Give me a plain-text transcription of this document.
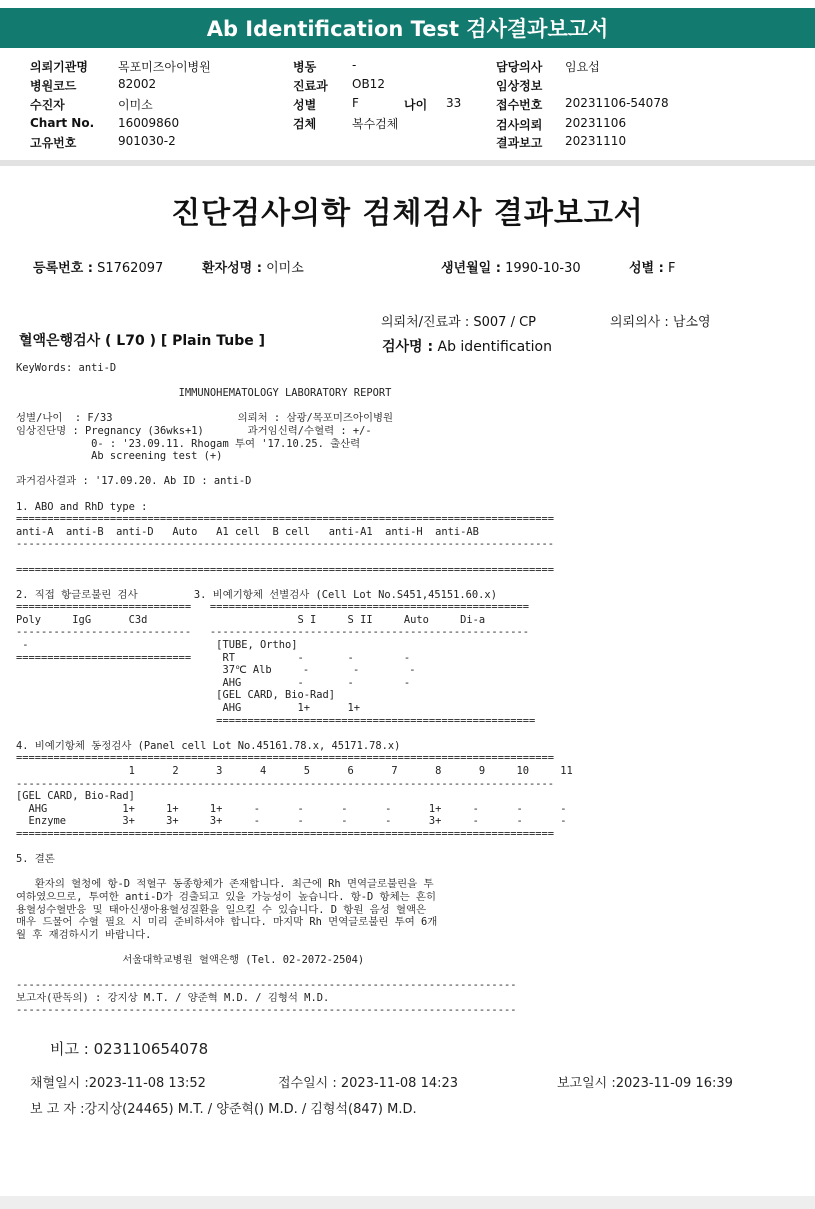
Ab Identification Test 검사결과보고서
의뢰기관명	목포미즈아이병원
병원코드	82002
수진자	이미소
Chart No. 16009860
고유번호	901030-2
병동	-
진료과 OB12
성별	F	나이 33
검체	복수검체
담당의사 임요섭
임상정보
접수번호 20231106-54078
검사의뢰 20231106
결과보고 20231110
진단검사의학 검체검사 결과보고서
등록번호 : S1762097	환자성명 : 이미소	생년월일 : 1990-10-30	성별 : F
의뢰처/진료과 : S007 / CP	의뢰의사 : 남소영
혈액은행검사 ( L70 ) [ Plain Tube ]	검사명 : Ab identification
KeyWords: anti-D

IMMUNOHEMATOLOGY LABORATORY REPORT

성별/나이  : F/33                    의뢰처 : 삼광/목포미즈아이병원
임상진단명 : Pregnancy (36wks+1)       과거임신력/수혈력 : +/-
0- : '23.09.11. Rhogam 투여 '17.10.25. 출산력
Ab screening test (+)

과거검사결과 : '17.09.20. Ab ID : anti-D

1. ABO and RhD type :
======================================================================================
anti-A  anti-B  anti-D   Auto   A1 cell  B cell   anti-A1  anti-H  anti-AB
--------------------------------------------------------------------------------------

======================================================================================

2. 직접 항글로불린 검사         3. 비예기항체 선별검사 (Cell Lot No.S451,45151.60.x)
============================   ===================================================
Poly     IgG      C3d                        S I     S II     Auto     Di-a
----------------------------   ---------------------------------------------------
-                              [TUBE, Ortho]
============================     RT          -       -        -
37℃ Alb     -       -        -
AHG         -       -        -
[GEL CARD, Bio-Rad]
AHG         1+      1+
===================================================

4. 비예기항체 동정검사 (Panel cell Lot No.45161.78.x, 45171.78.x)
======================================================================================
1      2      3      4      5      6      7      8      9     10     11
--------------------------------------------------------------------------------------
[GEL CARD, Bio-Rad]
AHG            1+     1+     1+     -      -      -      -      1+     -      -      -
Enzyme         3+     3+     3+     -      -      -      -      3+     -      -      -
======================================================================================

5. 결론

환자의 혈청에 항-D 적혈구 동종항체가 존재합니다. 최근에 Rh 면역글로불린을 투
여하였으므로, 투여한 anti-D가 검출되고 있을 가능성이 높습니다. 항-D 항체는 흔히
용혈성수혈반응 및 태아신생아용혈성질환을 일으킬 수 있습니다. D 항원 음성 혈액은
매우 드물어 수혈 필요 시 미리 준비하셔야 합니다. 마지막 Rh 면역글로불린 투여 6개
월 후 재검하시기 바랍니다.

서울대학교병원 혈액은행 (Tel. 02-2072-2504)

--------------------------------------------------------------------------------
보고자(판독의) : 강지상 M.T. / 양준혁 M.D. / 김형석 M.D.
--------------------------------------------------------------------------------
비고 : 023110654078
채혈일시 :2023-11-08 13:52	접수일시 : 2023-11-08 14:23	보고일시 :2023-11-09 16:39
보 고 자 :강지상(24465) M.T. / 양준혁() M.D. / 김형석(847) M.D.
